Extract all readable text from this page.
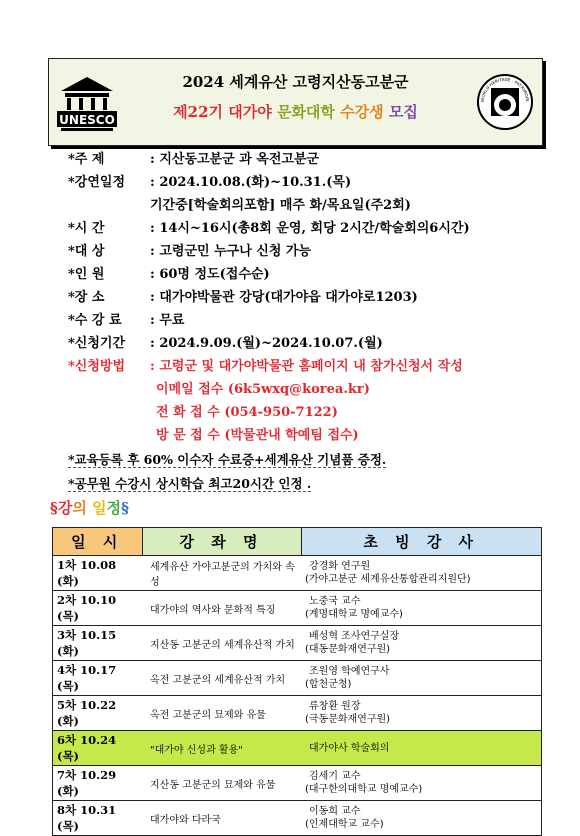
UNESCO
2024 세계유산 고령지산동고분군
제22기 대가야 문화대학 수강생 모집
WORLD HERITAGE · PATRIMOIN
*주 제	: 지산동고분군 과 옥전고분군
*강연일정 : 2024.10.08.(화)~10.31.(목)
기간중[학술회의포함] 매주 화/목요일(주2회)
*시 간	: 14시~16시(총8회 운영, 회당 2시간/학술회의6시간)
*대 상	: 고령군민 누구나 신청 가능
*인 원	: 60명 정도(접수순)
*장 소	: 대가야박물관 강당(대가야읍 대가야로1203)
*수 강 료 : 무료
*신청기간 : 2024.9.09.(월)~2024.10.07.(월)
*신청방법 : 고령군 및 대가야박물관 홈페이지 내 참가신청서 작성
이메일 접수 (6k5wxq@korea.kr)
전 화 접 수 (054-950-7122)
방 문 접 수 (박물관내 학예팀 접수)
*교육등록 후 60% 이수자 수료증+세계유산 기념품 증정.
*공무원 수강시 상시학습 최고20시간 인정 .
§강의 일정§
일 시	강 좌 명	초 빙 강 사
1차 10.08 (화)	세계유산 가야고분군의 가치와 속성	강경화 연구원
(가야고분군 세계유산통합관리지원단)

2차 10.10 (목)	대가야의 역사와 문화적 특징	노중국 교수
(계명대학교 명예교수)

3차 10.15 (화)	지산동 고분군의 세계유산적 가치	배성혁 조사연구실장
(대동문화재연구원)

4차 10.17 (목)	옥전 고분군의 세계유산적 가치	조원영 학예연구사
(합천군청)

5차 10.22 (화)	옥전 고분군의 묘제와 유물	류창환 원장
(극동문화재연구원)

6차 10.24 (목)	"대가야 신성과 활용"	대가야사 학술회의

7차 10.29 (화)	지산동 고분군의 묘제와 유물	김세기 교수
(대구한의대학교 명예교수)

8차 10.31 (목)	대가야와 다라국	이동희 교수
(인제대학교 교수)
